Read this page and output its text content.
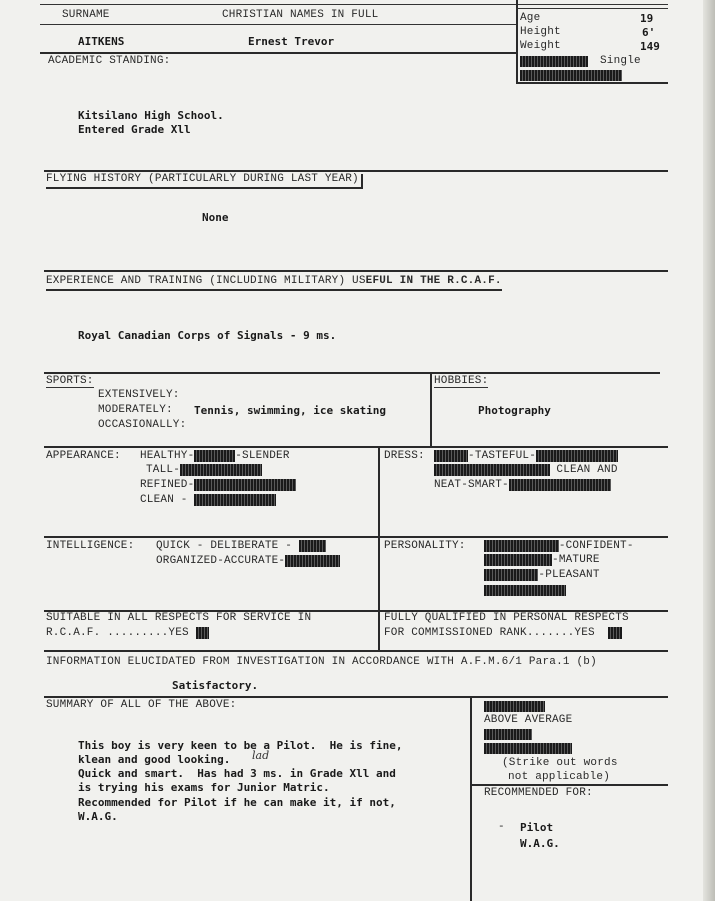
SURNAME	CHRISTIAN NAMES IN FULL
AITKENS	Ernest Trevor
ACADEMIC STANDING:
Age	19
Height	6'
Weight	149
Single
Kitsilano High School.
Entered Grade Xll
FLYING HISTORY (PARTICULARLY DURING LAST YEAR)
None
EXPERIENCE AND TRAINING (INCLUDING MILITARY) USEFUL IN THE R.C.A.F.
Royal Canadian Corps of Signals - 9 ms.
SPORTS:
EXTENSIVELY:
MODERATELY: Tennis, swimming, ice skating
OCCASIONALLY:
HOBBIES:
Photography
APPEARANCE: HEALTHY-	-SLENDER
TALL-
REFINED-
CLEAN -
DRESS:	-TASTEFUL-
CLEAN AND
NEAT-SMART-
INTELLIGENCE: QUICK - DELIBERATE -
ORGANIZED-ACCURATE-
PERSONALITY:	-CONFIDENT-
-MATURE
-PLEASANT
SUITABLE IN ALL RESPECTS FOR SERVICE IN
R.C.A.F. .........YES
FULLY QUALIFIED IN PERSONAL RESPECTS
FOR COMMISSIONED RANK.......YES
INFORMATION ELUCIDATED FROM INVESTIGATION IN ACCORDANCE WITH A.F.M.6/1 Para.1 (b)
Satisfactory.
SUMMARY OF ALL OF THE ABOVE:
This boy is very keen to be a Pilot.  He is fine,
klean and good looking. lad
Quick and smart.  Has had 3 ms. in Grade Xll and
is trying his exams for Junior Matric.
Recommended for Pilot if he can make it, if not,
W.A.G.
ABOVE AVERAGE
(Strike out words
not applicable)
RECOMMENDED FOR:
- Pilot
W.A.G.
